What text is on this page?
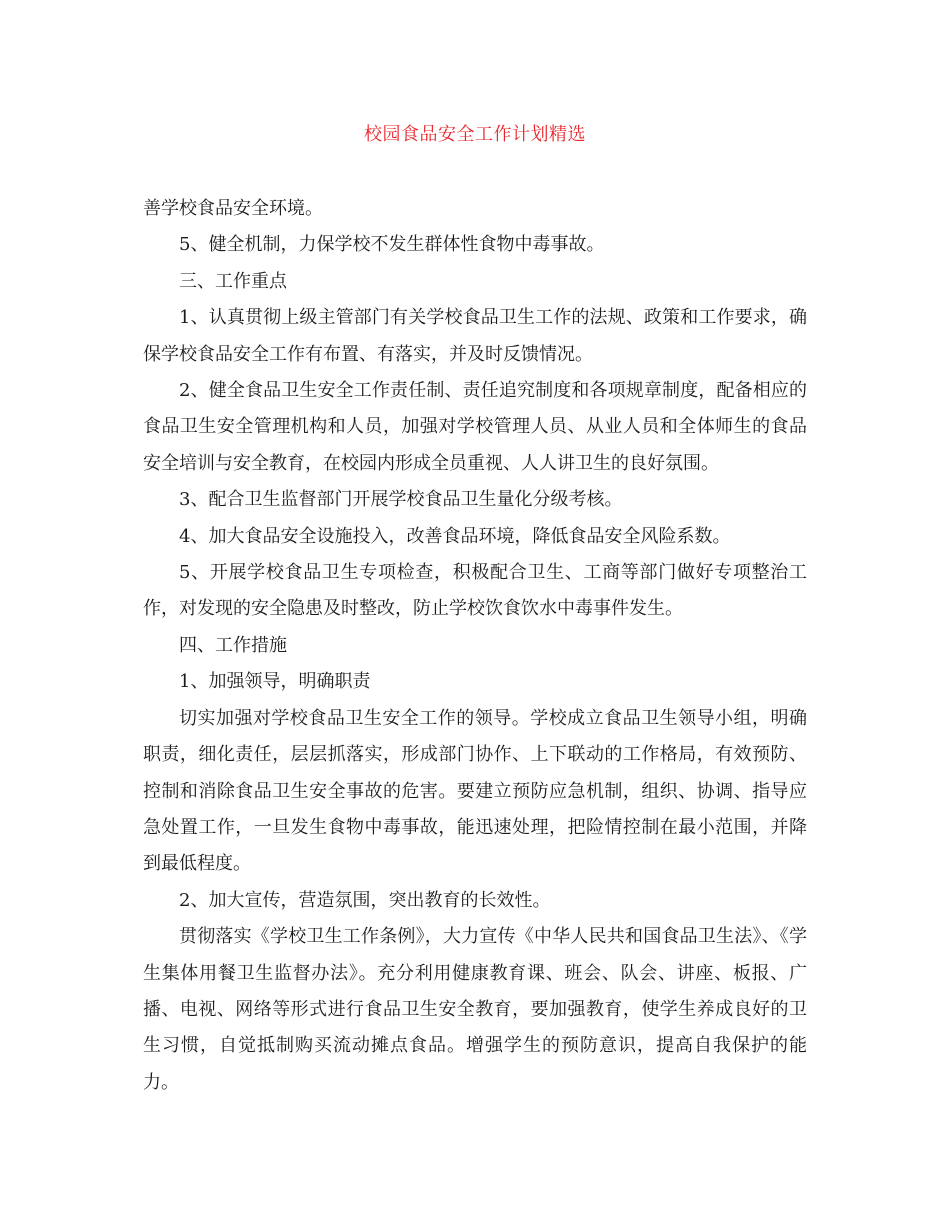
校园食品安全工作计划精选

善学校食品安全环境。

5、健全机制，力保学校不发生群体性食物中毒事故。

三、工作重点

1、认真贯彻上级主管部门有关学校食品卫生工作的法规、政策和工作要求，确保学校食品安全工作有布置、有落实，并及时反馈情况。

2、健全食品卫生安全工作责任制、责任追究制度和各项规章制度，配备相应的食品卫生安全管理机构和人员，加强对学校管理人员、从业人员和全体师生的食品安全培训与安全教育，在校园内形成全员重视、人人讲卫生的良好氛围。

3、配合卫生监督部门开展学校食品卫生量化分级考核。

4、加大食品安全设施投入，改善食品环境，降低食品安全风险系数。

5、开展学校食品卫生专项检查，积极配合卫生、工商等部门做好专项整治工作，对发现的安全隐患及时整改，防止学校饮食饮水中毒事件发生。

四、工作措施

1、加强领导，明确职责

切实加强对学校食品卫生安全工作的领导。学校成立食品卫生领导小组，明确职责，细化责任，层层抓落实，形成部门协作、上下联动的工作格局，有效预防、控制和消除食品卫生安全事故的危害。要建立预防应急机制，组织、协调、指导应急处置工作，一旦发生食物中毒事故，能迅速处理，把险情控制在最小范围，并降到最低程度。

2、加大宣传，营造氛围，突出教育的长效性。

贯彻落实《学校卫生工作条例》，大力宣传《中华人民共和国食品卫生法》、《学生集体用餐卫生监督办法》。充分利用健康教育课、班会、队会、讲座、板报、广播、电视、网络等形式进行食品卫生安全教育，要加强教育，使学生养成良好的卫生习惯，自觉抵制购买流动摊点食品。增强学生的预防意识，提高自我保护的能力。
